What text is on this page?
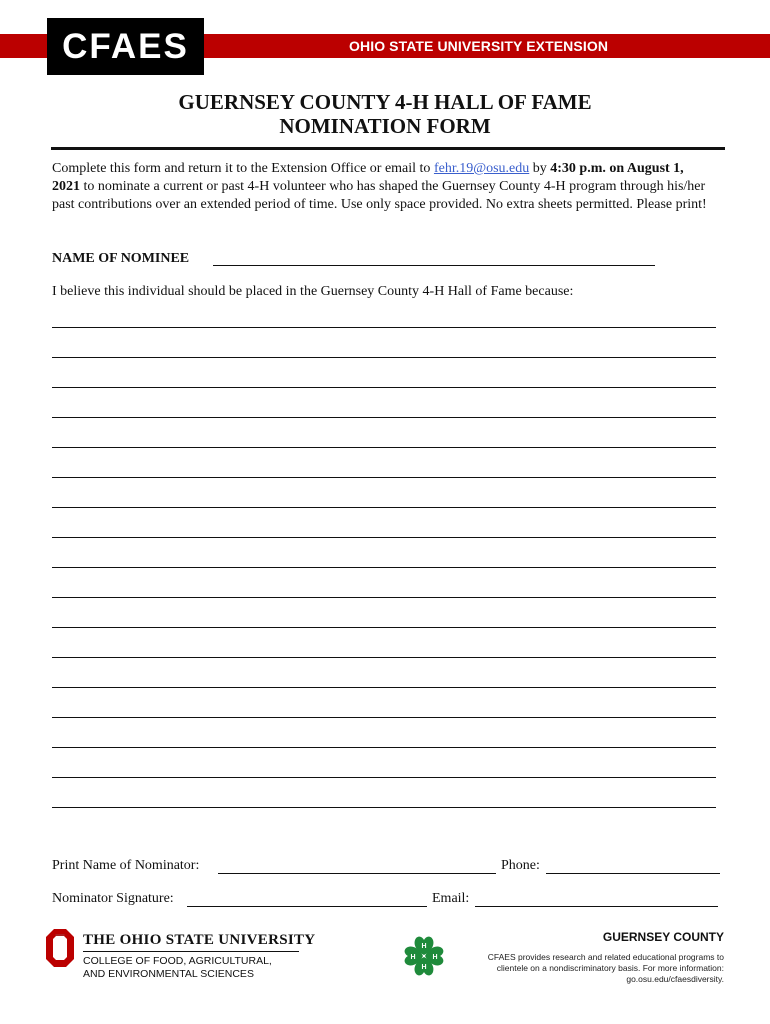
OHIO STATE UNIVERSITY EXTENSION
CFAES
GUERNSEY COUNTY 4-H HALL OF FAME
NOMINATION FORM
Complete this form and return it to the Extension Office or email to fehr.19@osu.edu by 4:30 p.m. on August 1, 2021 to nominate a current or past 4-H volunteer who has shaped the Guernsey County 4-H program through his/her past contributions over an extended period of time. Use only space provided. No extra sheets permitted. Please print!
NAME OF NOMINEE
I believe this individual should be placed in the Guernsey County 4-H Hall of Fame because:
Print Name of Nominator:	Phone:
Nominator Signature:	Email:
THE OHIO STATE UNIVERSITY
COLLEGE OF FOOD, AGRICULTURAL,
AND ENVIRONMENTAL SCIENCES
H
H
H H
GUERNSEY COUNTY
CFAES provides research and related educational programs to clientele on a nondiscriminatory basis. For more information: go.osu.edu/cfaesdiversity.
